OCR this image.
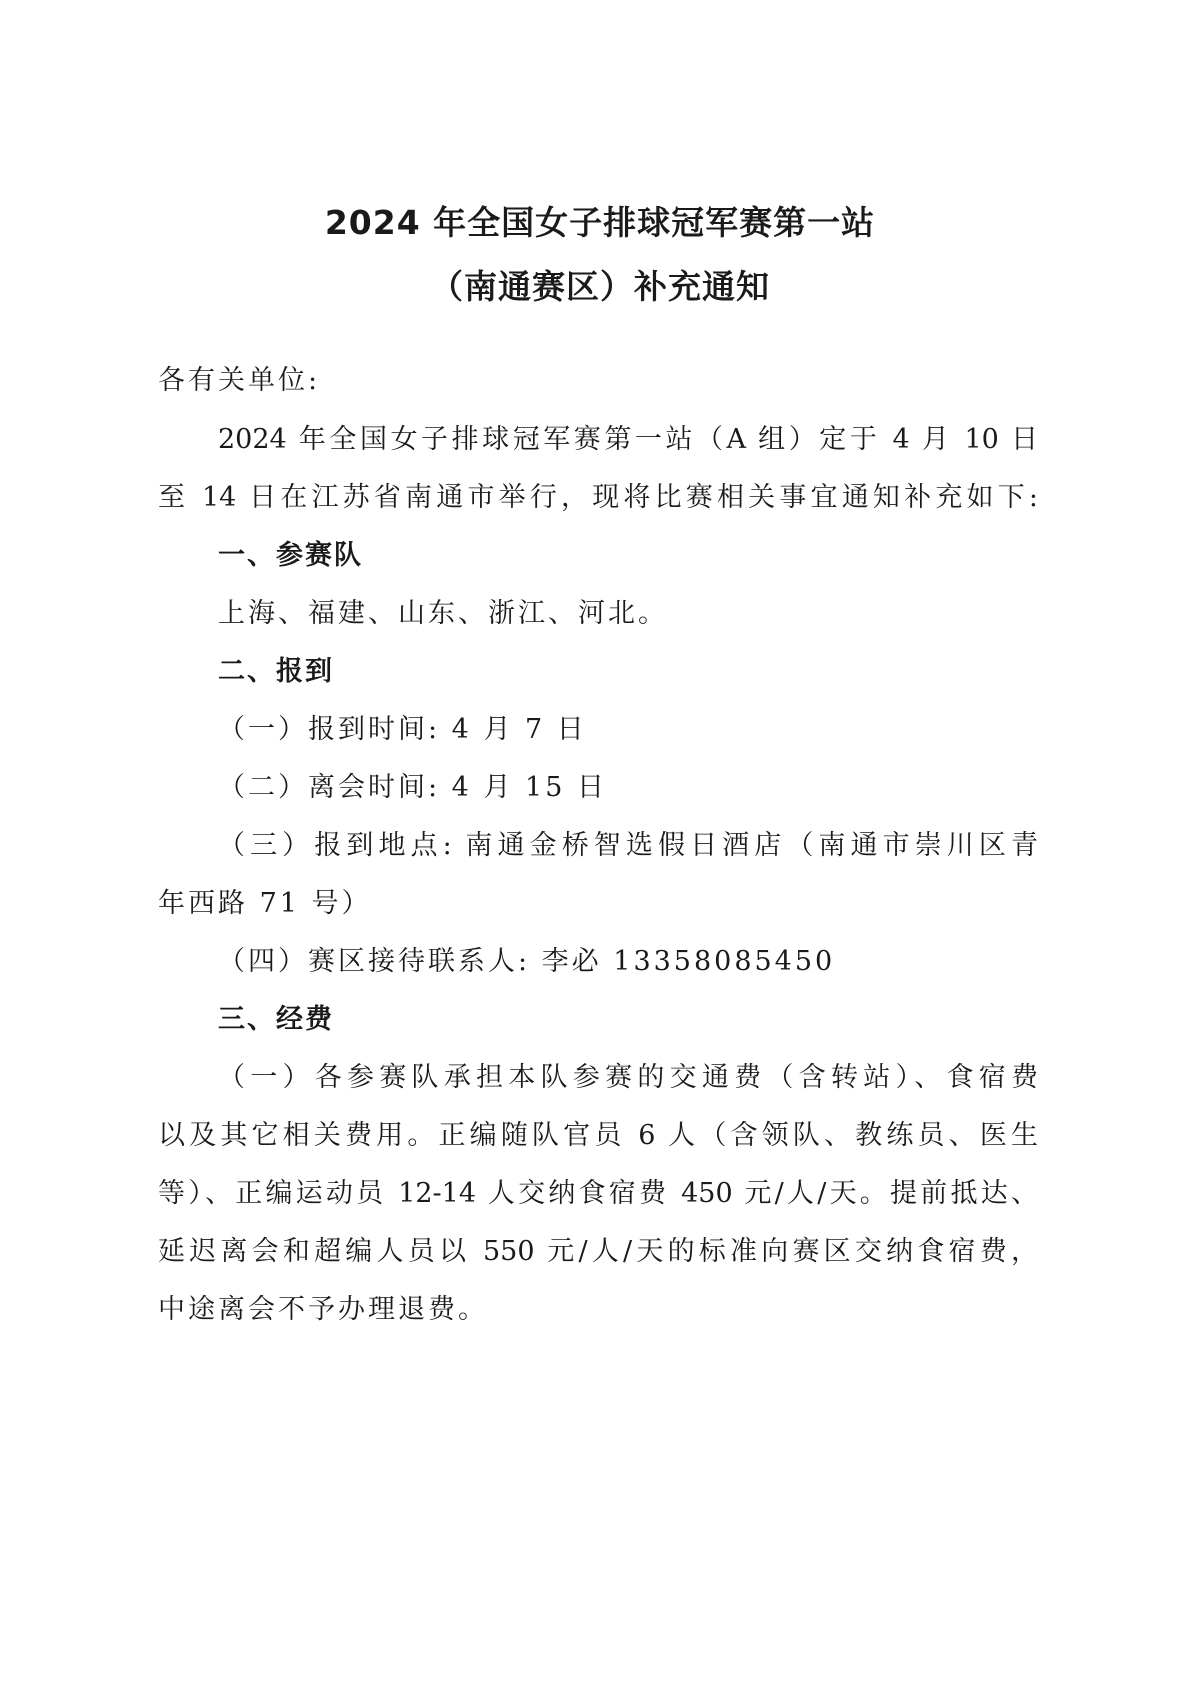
2024 年全国女子排球冠军赛第一站
（南通赛区）补充通知
各有关单位:
2024 年全国女子排球冠军赛第一站（A 组）定于 4 月 10 日
至 14 日在江苏省南通市举行，现将比赛相关事宜通知补充如下:
一、参赛队
上海、福建、山东、浙江、河北。
二、报到
（一）报到时间: 4 月 7 日
（二）离会时间: 4 月 15 日
（三）报到地点: 南通金桥智选假日酒店（南通市崇川区青
年西路 71 号）
（四）赛区接待联系人: 李必 13358085450
三、经费
（一）各参赛队承担本队参赛的交通费（含转站）、食宿费
以及其它相关费用。正编随队官员 6 人（含领队、教练员、医生
等）、正编运动员 12-14 人交纳食宿费 450 元/人/天。提前抵达、
延迟离会和超编人员以 550 元/人/天的标准向赛区交纳食宿费，
中途离会不予办理退费。
